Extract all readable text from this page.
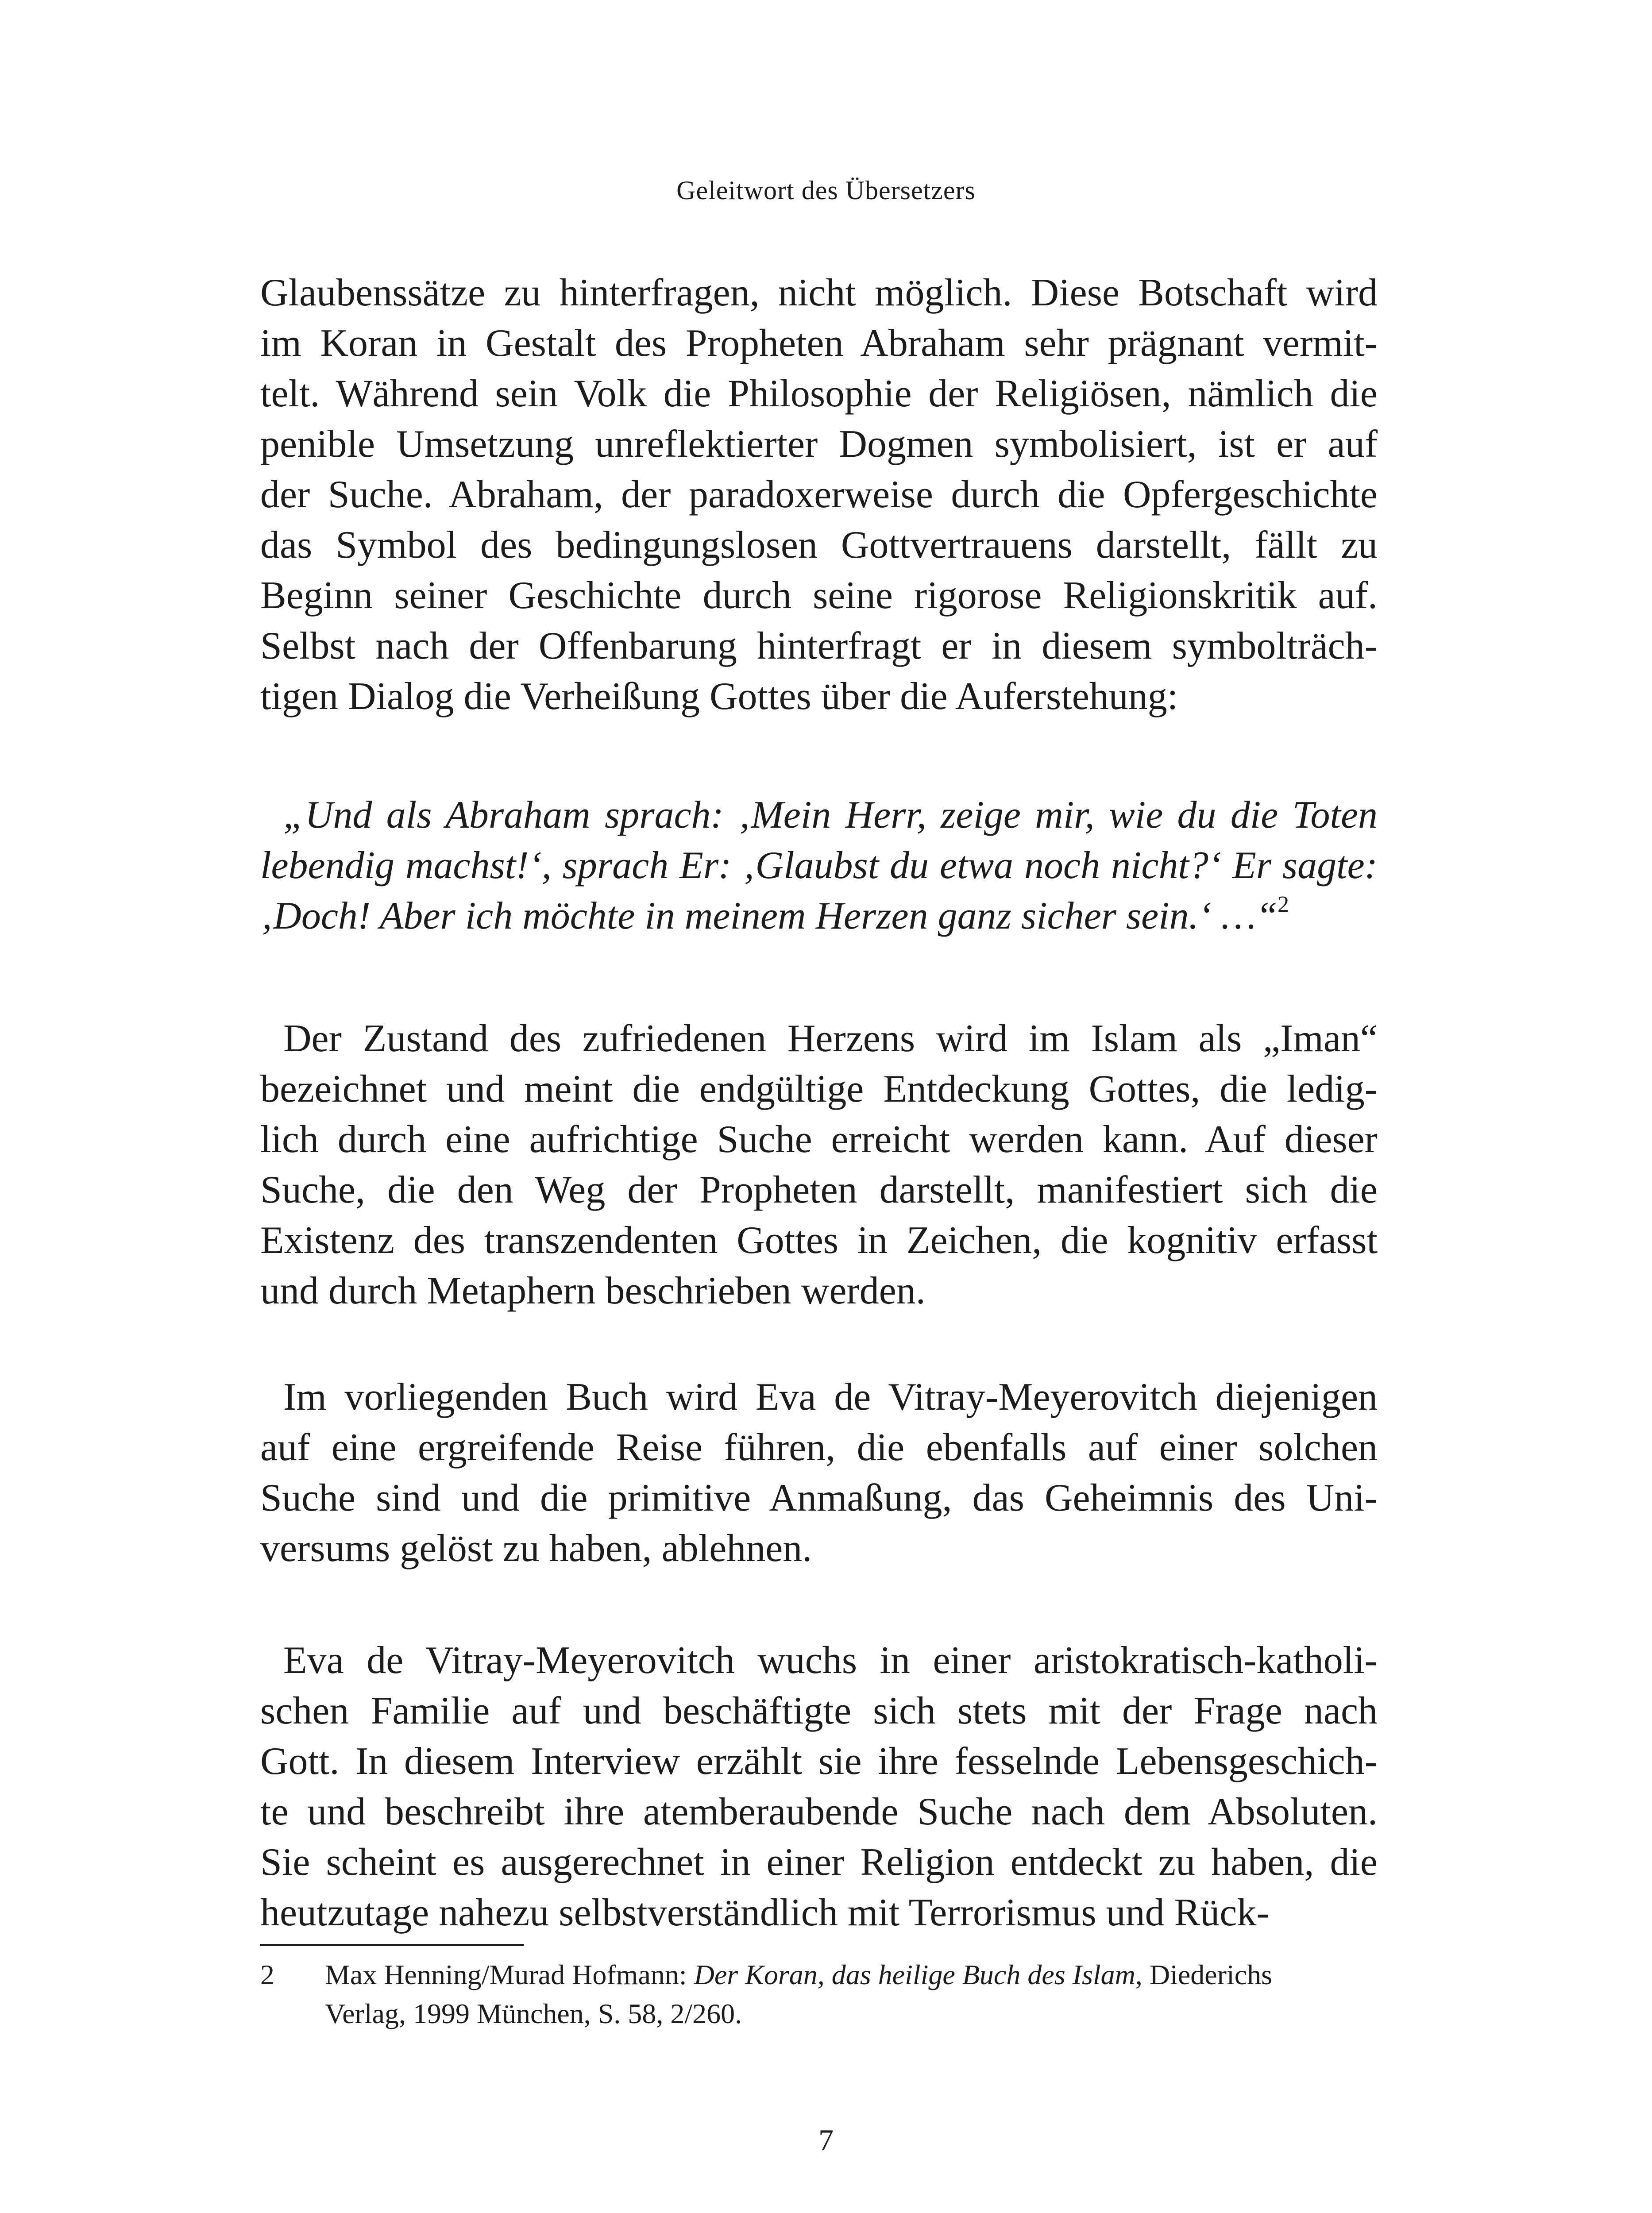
Geleitwort des Übersetzers
Glaubenssätze zu hinterfragen, nicht möglich. Diese Botschaft wird
im Koran in Gestalt des Propheten Abraham sehr prägnant vermit-
telt. Während sein Volk die Philosophie der Religiösen, nämlich die
penible Umsetzung unreflektierter Dogmen symbolisiert, ist er auf
der Suche. Abraham, der paradoxerweise durch die Opfergeschichte
das Symbol des bedingungslosen Gottvertrauens darstellt, fällt zu
Beginn seiner Geschichte durch seine rigorose Religionskritik auf.
Selbst nach der Offenbarung hinterfragt er in diesem symbolträch-
tigen Dialog die Verheißung Gottes über die Auferstehung:
„Und als Abraham sprach: ‚Mein Herr, zeige mir, wie du die Toten
lebendig machst!‘, sprach Er: ‚Glaubst du etwa noch nicht?‘ Er sagte:
‚Doch! Aber ich möchte in meinem Herzen ganz sicher sein.‘ …“$^2$
Der Zustand des zufriedenen Herzens wird im Islam als „Iman“
bezeichnet und meint die endgültige Entdeckung Gottes, die ledig-
lich durch eine aufrichtige Suche erreicht werden kann. Auf dieser
Suche, die den Weg der Propheten darstellt, manifestiert sich die
Existenz des transzendenten Gottes in Zeichen, die kognitiv erfasst
und durch Metaphern beschrieben werden.
Im vorliegenden Buch wird Eva de Vitray-Meyerovitch diejenigen
auf eine ergreifende Reise führen, die ebenfalls auf einer solchen
Suche sind und die primitive Anmaßung, das Geheimnis des Uni-
versums gelöst zu haben, ablehnen.
Eva de Vitray-Meyerovitch wuchs in einer aristokratisch-katholi-
schen Familie auf und beschäftigte sich stets mit der Frage nach
Gott. In diesem Interview erzählt sie ihre fesselnde Lebensgeschich-
te und beschreibt ihre atemberaubende Suche nach dem Absoluten.
Sie scheint es ausgerechnet in einer Religion entdeckt zu haben, die
heutzutage nahezu selbstverständlich mit Terrorismus und Rück-
2 Max Henning/Murad Hofmann: Der Koran, das heilige Buch des Islam, Diederichs
Verlag, 1999 München, S. 58, 2/260.
7
